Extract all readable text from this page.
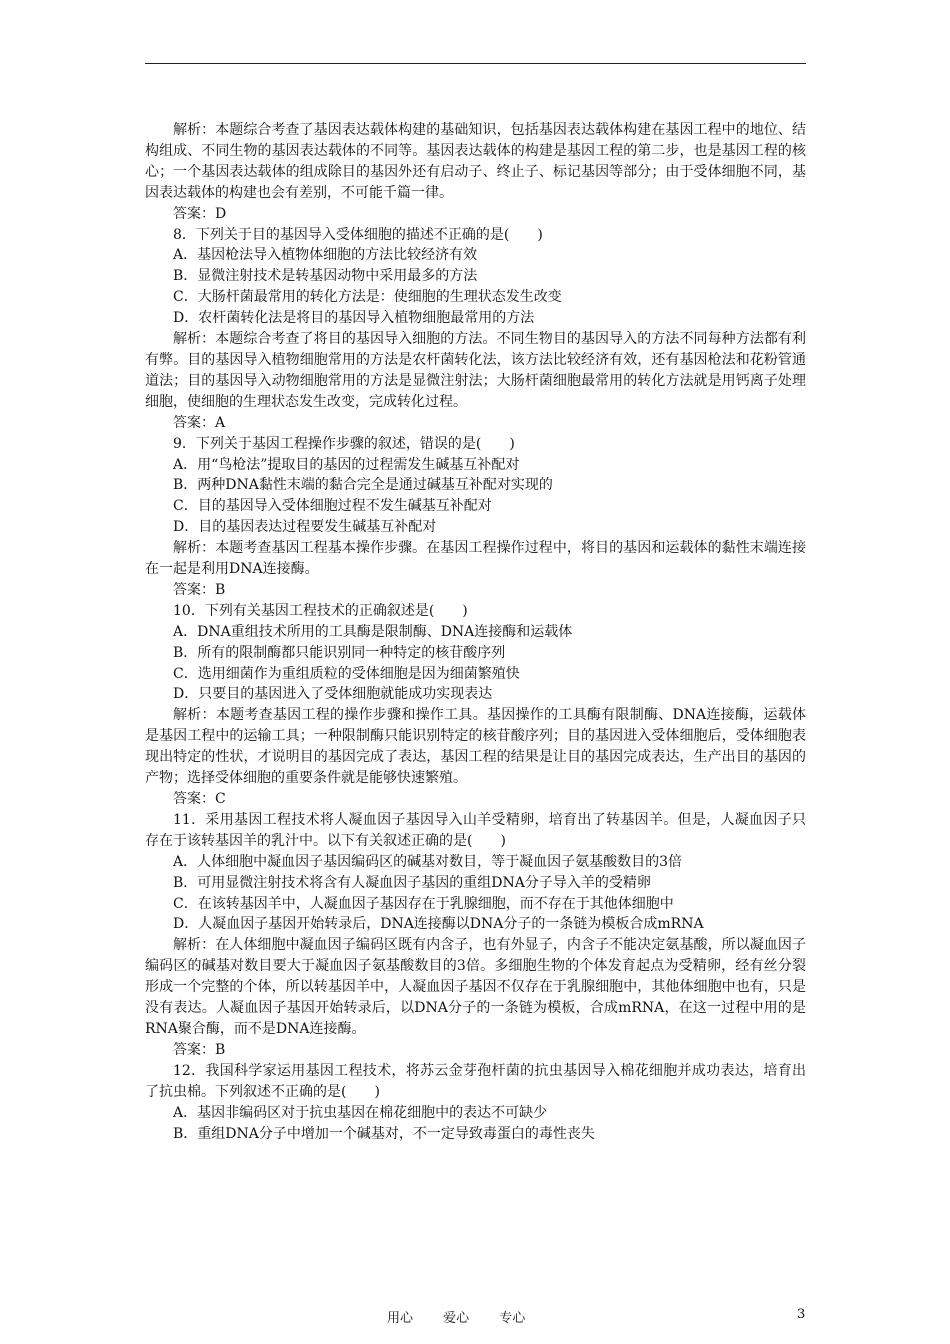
解析：本题综合考查了基因表达载体构建的基础知识，包括基因表达载体构建在基因工程中的地位、结构组成、不同生物的基因表达载体的不同等。基因表达载体的构建是基因工程的第二步，也是基因工程的核心；一个基因表达载体的组成除目的基因外还有启动子、终止子、标记基因等部分；由于受体细胞不同，基因表达载体的构建也会有差别，不可能千篇一律。

答案：D

8．下列关于目的基因导入受体细胞的描述不正确的是(　　)

A．基因枪法导入植物体细胞的方法比较经济有效

B．显微注射技术是转基因动物中采用最多的方法

C．大肠杆菌最常用的转化方法是：使细胞的生理状态发生改变

D．农杆菌转化法是将目的基因导入植物细胞最常用的方法

解析：本题综合考查了将目的基因导入细胞的方法。不同生物目的基因导入的方法不同每种方法都有利有弊。目的基因导入植物细胞常用的方法是农杆菌转化法，该方法比较经济有效，还有基因枪法和花粉管通道法；目的基因导入动物细胞常用的方法是显微注射法；大肠杆菌细胞最常用的转化方法就是用钙离子处理细胞，使细胞的生理状态发生改变，完成转化过程。

答案：A

9．下列关于基因工程操作步骤的叙述，错误的是(　　)

A．用“鸟枪法”提取目的基因的过程需发生碱基互补配对

B．两种DNA黏性末端的黏合完全是通过碱基互补配对实现的

C．目的基因导入受体细胞过程不发生碱基互补配对

D．目的基因表达过程要发生碱基互补配对

解析：本题考查基因工程基本操作步骤。在基因工程操作过程中，将目的基因和运载体的黏性末端连接在一起是利用DNA连接酶。

答案：B

10．下列有关基因工程技术的正确叙述是(　　)

A．DNA重组技术所用的工具酶是限制酶、DNA连接酶和运载体

B．所有的限制酶都只能识别同一种特定的核苷酸序列

C．选用细菌作为重组质粒的受体细胞是因为细菌繁殖快

D．只要目的基因进入了受体细胞就能成功实现表达

解析：本题考查基因工程的操作步骤和操作工具。基因操作的工具酶有限制酶、DNA连接酶，运载体是基因工程中的运输工具；一种限制酶只能识别特定的核苷酸序列；目的基因进入受体细胞后，受体细胞表现出特定的性状，才说明目的基因完成了表达，基因工程的结果是让目的基因完成表达，生产出目的基因的产物；选择受体细胞的重要条件就是能够快速繁殖。

答案：C

11．采用基因工程技术将人凝血因子基因导入山羊受精卵，培育出了转基因羊。但是，人凝血因子只存在于该转基因羊的乳汁中。以下有关叙述正确的是(　　)

A．人体细胞中凝血因子基因编码区的碱基对数目，等于凝血因子氨基酸数目的3倍

B．可用显微注射技术将含有人凝血因子基因的重组DNA分子导入羊的受精卵

C．在该转基因羊中，人凝血因子基因存在于乳腺细胞，而不存在于其他体细胞中

D．人凝血因子基因开始转录后，DNA连接酶以DNA分子的一条链为模板合成mRNA

解析：在人体细胞中凝血因子编码区既有内含子，也有外显子，内含子不能决定氨基酸，所以凝血因子编码区的碱基对数目要大于凝血因子氨基酸数目的3倍。多细胞生物的个体发育起点为受精卵，经有丝分裂形成一个完整的个体，所以转基因羊中，人凝血因子基因不仅存在于乳腺细胞中，其他体细胞中也有，只是没有表达。人凝血因子基因开始转录后，以DNA分子的一条链为模板，合成mRNA，在这一过程中用的是RNA聚合酶，而不是DNA连接酶。

答案：B

12．我国科学家运用基因工程技术，将苏云金芽孢杆菌的抗虫基因导入棉花细胞并成功表达，培育出了抗虫棉。下列叙述不正确的是(　　)

A．基因非编码区对于抗虫基因在棉花细胞中的表达不可缺少

B．重组DNA分子中增加一个碱基对，不一定导致毒蛋白的毒性丧失

用心 爱心 专心	3
